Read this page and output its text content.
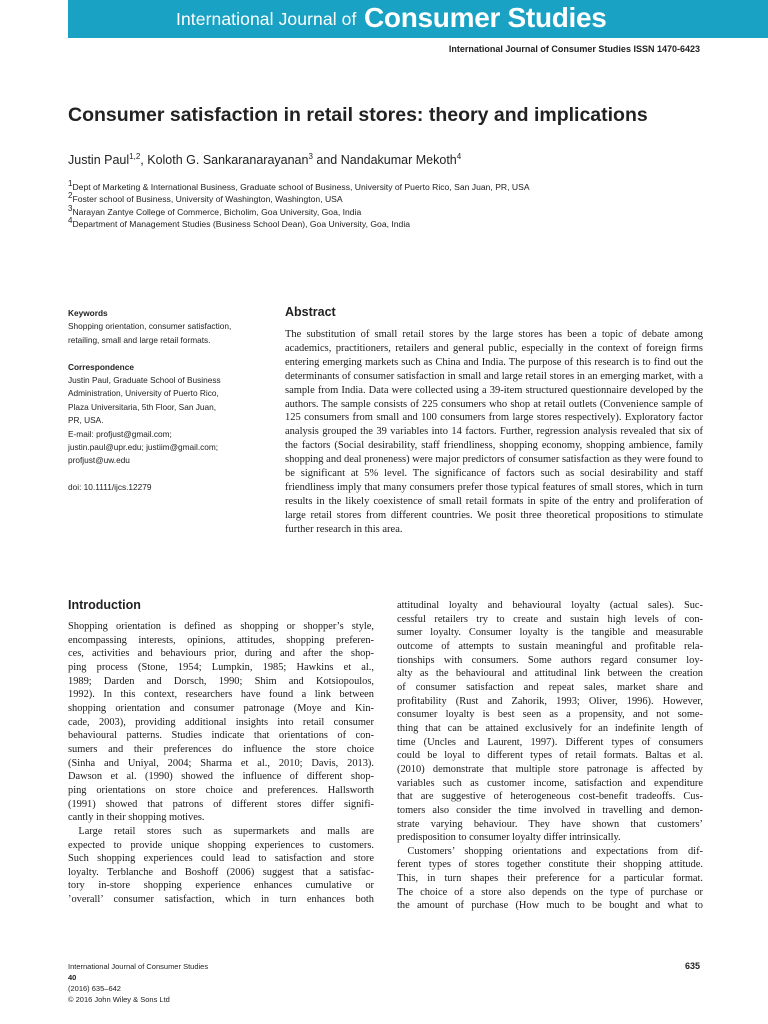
International Journal of Consumer Studies
International Journal of Consumer Studies ISSN 1470-6423
Consumer satisfaction in retail stores: theory and implications
Justin Paul$^{1,2}$, Koloth G. Sankaranarayanan$^3$ and Nandakumar Mekoth$^4$
$^1$Dept of Marketing & International Business, Graduate school of Business, University of Puerto Rico, San Juan, PR, USA
$^2$Foster school of Business, University of Washington, Washington, USA
$^3$Narayan Zantye College of Commerce, Bicholim, Goa University, Goa, India
$^4$Department of Management Studies (Business School Dean), Goa University, Goa, India
Keywords
Shopping orientation, consumer satisfaction,
retailing, small and large retail formats.
Correspondence
Justin Paul, Graduate School of Business
Administration, University of Puerto Rico,
Plaza Universitaria, 5th Floor, San Juan,
PR, USA.
E-mail: profjust@gmail.com;
justin.paul@upr.edu; justiim@gmail.com;
profjust@uw.edu
doi: 10.1111/ijcs.12279
Abstract

The substitution of small retail stores by the large stores has been a topic of debate among academics, practitioners, retailers and general public, especially in the context of foreign firms entering emerging markets such as China and India. The purpose of this research is to find out the determinants of consumer satisfaction in small and large retail stores in an emerging market, with a sample from India. Data were collected using a 39-item structured questionnaire developed by the authors. The sample consists of 225 consumers who shop at retail outlets (Convenience sample of 125 consumers from small and 100 consumers from large stores respectively). Exploratory factor analysis grouped the 39 variables into 14 factors. Further, regression analysis revealed that six of the factors (Social desirability, staff friendliness, shopping economy, shopping ambience, family shopping and deal proneness) were major predictors of consumer satisfaction as they were found to be significant at 5% level. The significance of factors such as social desirability and staff friendliness imply that many consumers prefer those typical features of small stores, which in turn results in the likely coexistence of small retail formats in spite of the entry and proliferation of large retail stores from different countries. We posit three theoretical propositions to stimulate further research in this area.

Introduction
Shopping orientation is defined as shopping or shopper’s style,
encompassing interests, opinions, attitudes, shopping preferen-
ces, activities and behaviours prior, during and after the shop-
ping process (Stone, 1954; Lumpkin, 1985; Hawkins et al.,
1989; Darden and Dorsch, 1990; Shim and Kotsiopoulos,
1992). In this context, researchers have found a link between
shopping orientation and consumer patronage (Moye and Kin-
cade, 2003), providing additional insights into retail consumer
behavioural patterns. Studies indicate that orientations of con-
sumers and their preferences do influence the store choice
(Sinha and Uniyal, 2004; Sharma et al., 2010; Davis, 2013).
Dawson et al. (1990) showed the influence of different shop-
ping orientations on store choice and preferences. Hallsworth
(1991) showed that patrons of different stores differ signifi-
cantly in their shopping motives.
 Large retail stores such as supermarkets and malls are
expected to provide unique shopping experiences to customers.
Such shopping experiences could lead to satisfaction and store
loyalty. Terblanche and Boshoff (2006) suggest that a satisfac-
tory in-store shopping experience enhances cumulative or
’overall’ consumer satisfaction, which in turn enhances both
attitudinal loyalty and behavioural loyalty (actual sales). Suc-
cessful retailers try to create and sustain high levels of con-
sumer loyalty. Consumer loyalty is the tangible and measurable
outcome of attempts to sustain meaningful and profitable rela-
tionships with consumers. Some authors regard consumer loy-
alty as the behavioural and attitudinal link between the creation
of consumer satisfaction and repeat sales, market share and
profitability (Rust and Zahorik, 1993; Oliver, 1996). However,
consumer loyalty is best seen as a propensity, and not some-
thing that can be attained exclusively for an indefinite length of
time (Uncles and Laurent, 1997). Different types of consumers
could be loyal to different types of retail formats. Baltas et al.
(2010) demonstrate that multiple store patronage is affected by
variables such as customer income, satisfaction and expenditure
that are suggestive of heterogeneous cost-benefit tradeoffs. Cus-
tomers also consider the time involved in travelling and demon-
strate varying behaviour. They have shown that customers’
predisposition to consumer loyalty differ intrinsically.
 Customers’ shopping orientations and expectations from dif-
ferent types of stores together constitute their shopping attitude.
This, in turn shapes their preference for a particular format.
The choice of a store also depends on the type of purchase or
the amount of purchase (How much to be bought and what to
International Journal of Consumer Studies
40
(2016) 635–642
© 2016 John Wiley & Sons Ltd
635
